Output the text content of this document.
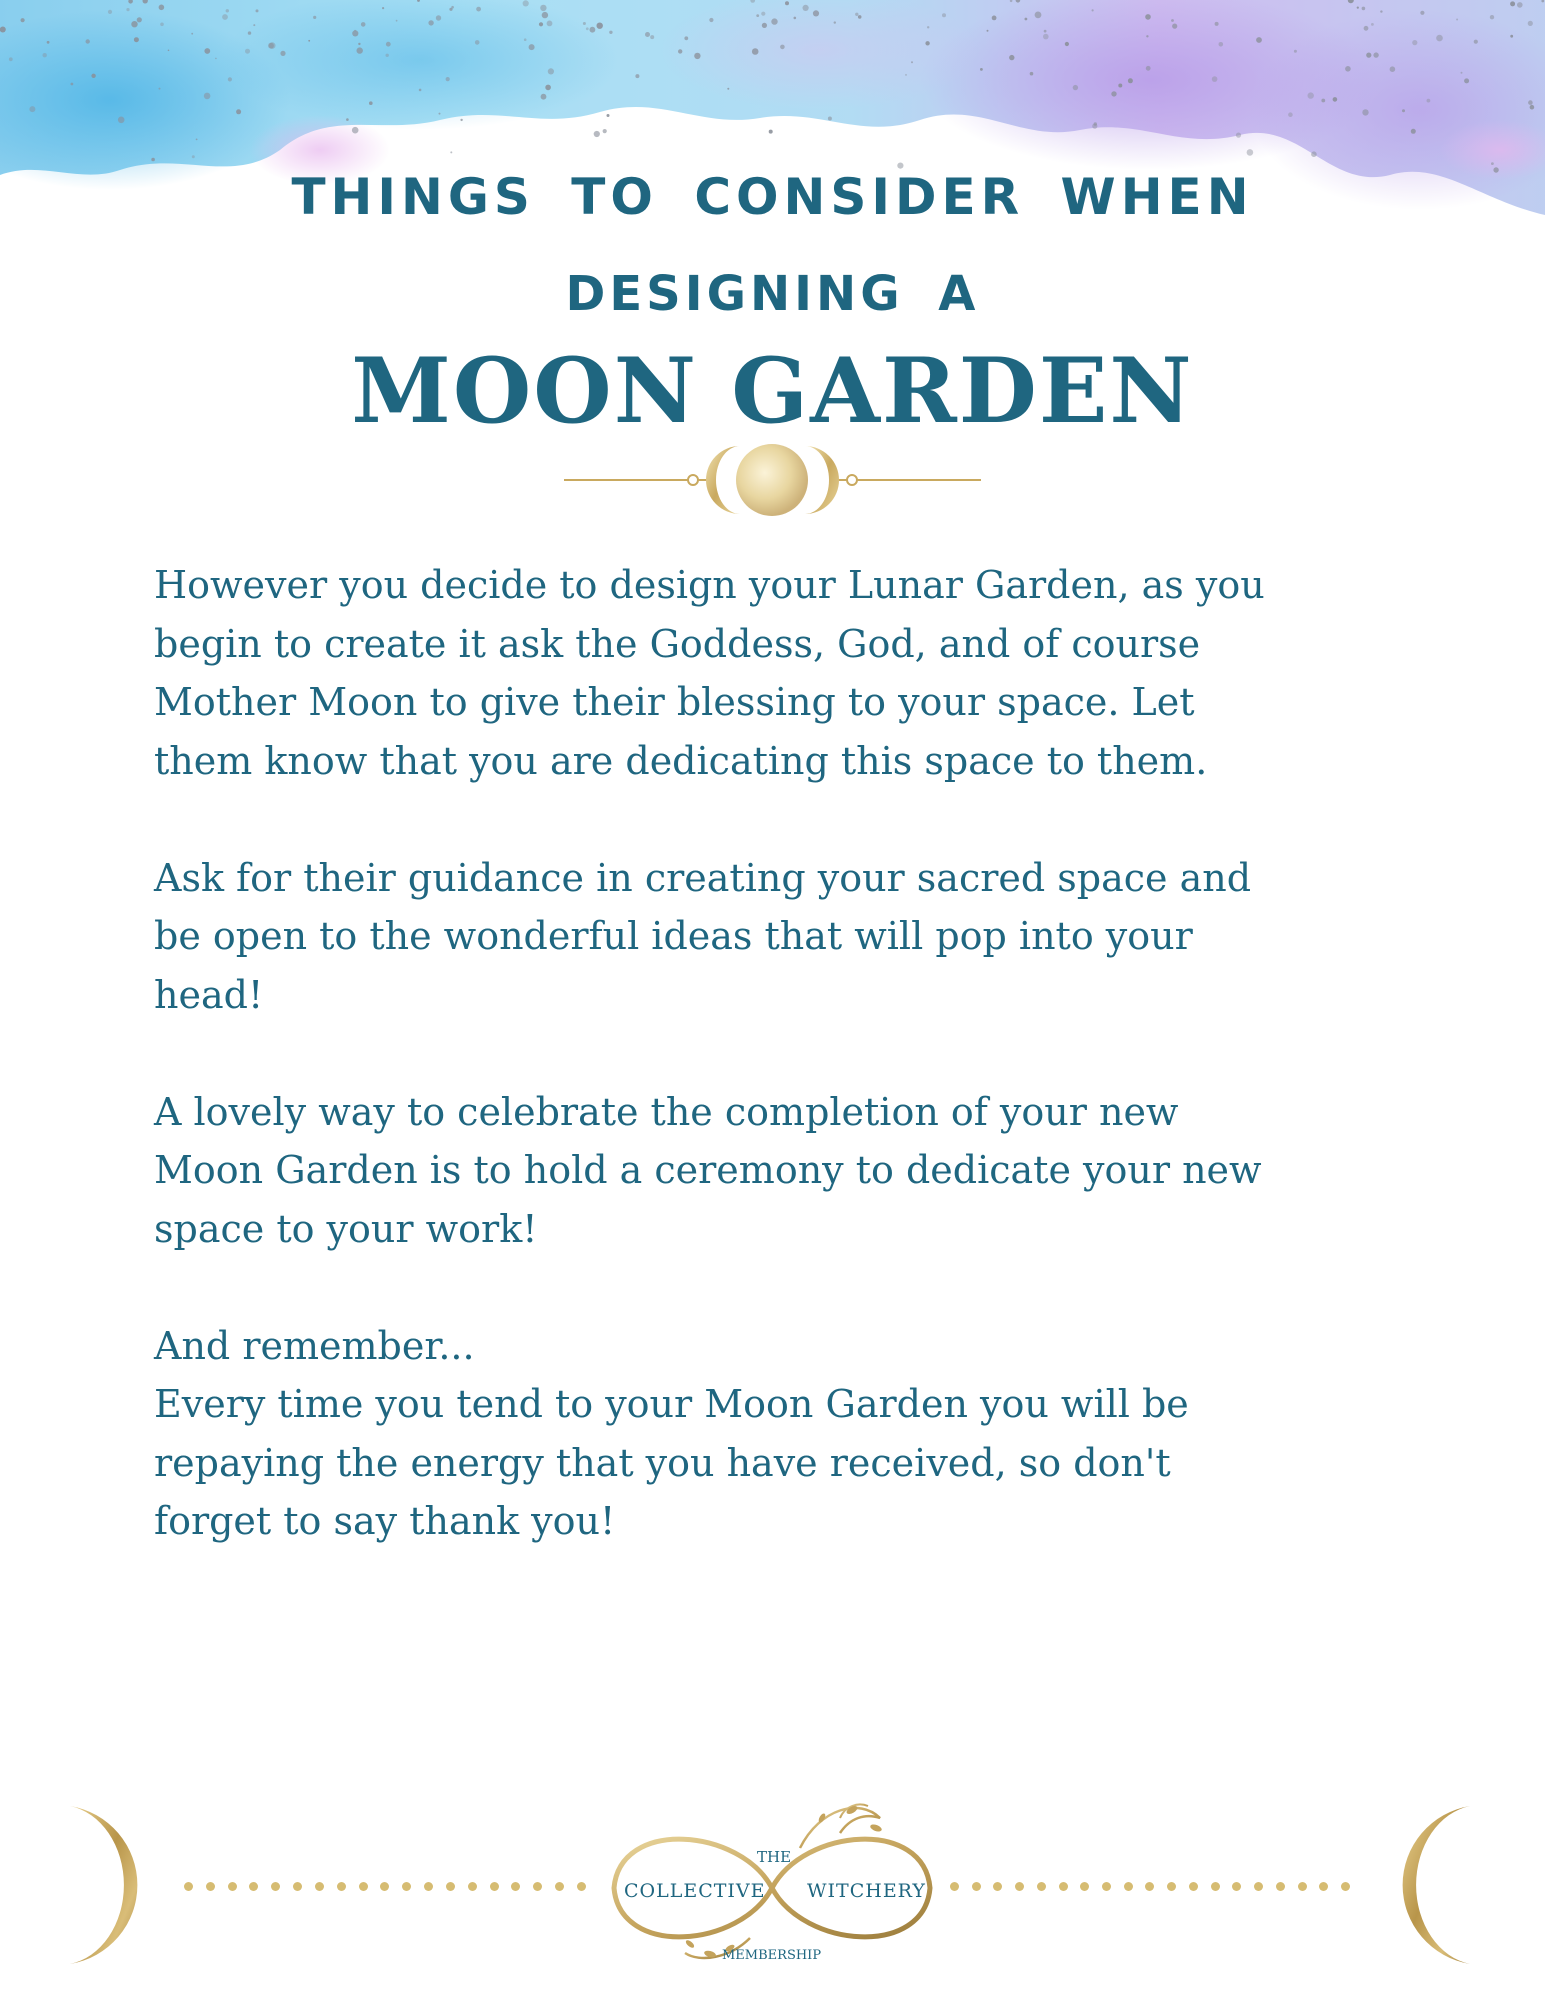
THINGS TO CONSIDER WHEN
DESIGNING A
MOON GARDEN

However you decide to design your Lunar Garden, as you
begin to create it ask the Goddess, God, and of course
Mother Moon to give their blessing to your space. Let
them know that you are dedicating this space to them.

Ask for their guidance in creating your sacred space and
be open to the wonderful ideas that will pop into your
head!

A lovely way to celebrate the completion of your new
Moon Garden is to hold a ceremony to dedicate your new
space to your work!

And remember...
Every time you tend to your Moon Garden you will be
repaying the energy that you have received, so don't
forget to say thank you!

THE
COLLECTIVE WITCHERY
MEMBERSHIP
